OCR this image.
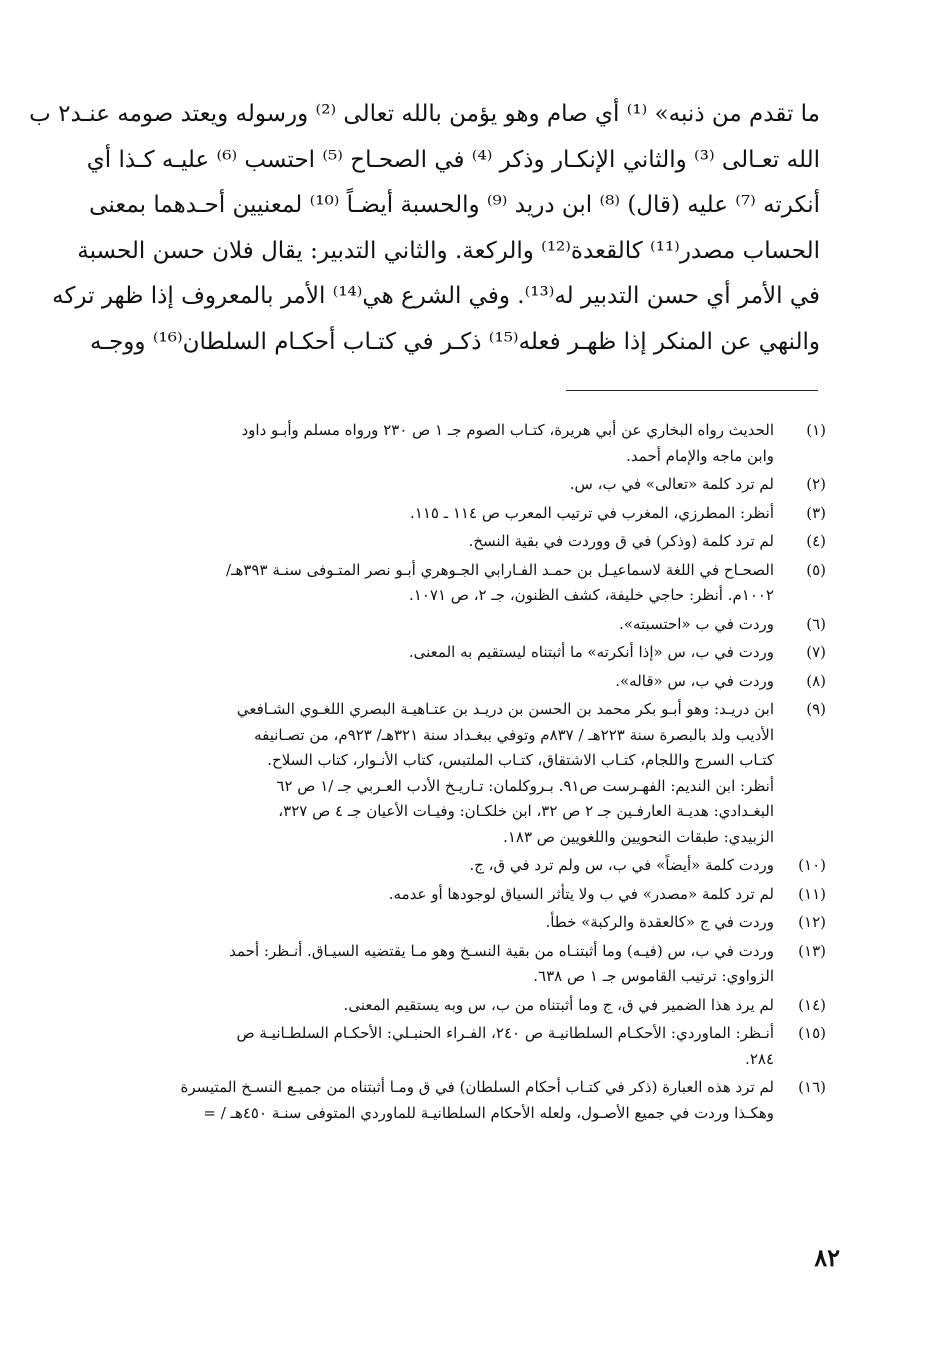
ما تقدم من ذنبه» ⁽¹⁾ أي صام وهو يؤمن بالله تعالى ⁽²⁾ ورسوله ويعتد صومه عنـد٢ ب
الله تعـالى ⁽³⁾ والثاني الإنكـار وذكر ⁽⁴⁾ في الصحـاح ⁽⁵⁾ احتسب ⁽⁶⁾ عليـه كـذا أي
أنكرته ⁽⁷⁾ عليه (قال) ⁽⁸⁾ ابن دريد ⁽⁹⁾ والحسبة أيضـاً ⁽¹⁰⁾ لمعنيين أحـدهما بمعنى
الحساب مصدر⁽¹¹⁾ كالقعدة⁽¹²⁾ والركعة. والثاني التدبير: يقال فلان حسن الحسبة
في الأمر أي حسن التدبير له⁽¹³⁾. وفي الشرع هي⁽¹⁴⁾ الأمر بالمعروف إذا ظهر تركه
والنهي عن المنكر إذا ظهـر فعله⁽¹⁵⁾ ذكـر في كتـاب أحكـام السلطان⁽¹⁶⁾ ووجـه
(١)
الحديث رواه البخاري عن أبي هريرة، كتـاب الصوم جـ ١ ص ٢٣٠ ورواه مسلم وأبـو داود
وابن ماجه والإمام أحمد.
(٢)
لم ترد كلمة «تعالى» في ب، س.
(٣)
أنظر: المطرزي، المغرب في ترتيب المعرب ص ١١٤ ـ ١١٥.
(٤)
لم ترد كلمة (وذكر) في ق ووردت في بقية النسخ.
(٥)
الصحـاح في اللغة لاسماعيـل بن حمـد الفـارابي الجـوهري أبـو نصر المتـوفى سنـة ٣٩٣هـ/
١٠٠٢م. أنظر: حاجي خليفة، كشف الظنون، جـ ٢، ص ١٠٧١.
(٦)
وردت في ب «احتسبته».
(٧)
وردت في ب، س «إذا أنكرته» ما أثبتناه ليستقيم به المعنى.
(٨)
وردت في ب، س «قاله».
(٩)
ابن دريـد: وهو أبـو بكر محمد بن الحسن بن دريـد بن عتـاهيـة البصري اللغـوي الشـافعي
الأديب ولد بالبصرة سنة ٢٢٣هـ / ٨٣٧م وتوفي ببغـداد سنة ٣٢١هـ/ ٩٢٣م، من تصـانيفه
كتـاب السرج واللجام، كتـاب الاشتقاق، كتـاب الملتبس، كتاب الأنـوار، كتاب السلاح.
أنظر: ابن النديم: الفهـرست ص٩١. بـروكلمان: تـاريـخ الأدب العـربي جـ /١ ص ٦٢
البغـدادي: هديـة العارفـين جـ ٢ ص ٣٢، ابن خلكـان: وفيـات الأعيان جـ ٤ ص ٣٢٧،
الزبيدي: طبقات النحويين واللغويين ص ١٨٣.
(١٠)
وردت كلمة «أيضاً» في ب، س ولم ترد في ق، ج.
(١١)
لم ترد كلمة «مصدر» في ب ولا يتأثر السياق لوجودها أو عدمه.
(١٢)
وردت في ج «كالعقدة والركبة» خطأ.
(١٣)
وردت في ب، س (فيـه) وما أثبتنـاه من بقية النسـخ وهو مـا يقتضيه السيـاق. أنـظر: أحمد
الزواوي: ترتيب القاموس جـ ١ ص ٦٣٨.
(١٤)
لم يرد هذا الضمير في ق، ج وما أثبتناه من ب، س وبه يستقيم المعنى.
(١٥)
أنـظر: الماوردي: الأحكـام السلطانيـة ص ٢٤٠، الفـراء الحنبـلي: الأحكـام السلطـانيـة ص
٢٨٤.
(١٦)
لم ترد هذه العبارة (ذكر في كتـاب أحكام السلطان) في ق ومـا أثبتناه من جميـع النسـخ المتيسرة
وهكـذا وردت في جميع الأصـول، ولعله الأحكام السلطانيـة للماوردي المتوفى سنـة ٤٥٠هـ / =
٨٢
